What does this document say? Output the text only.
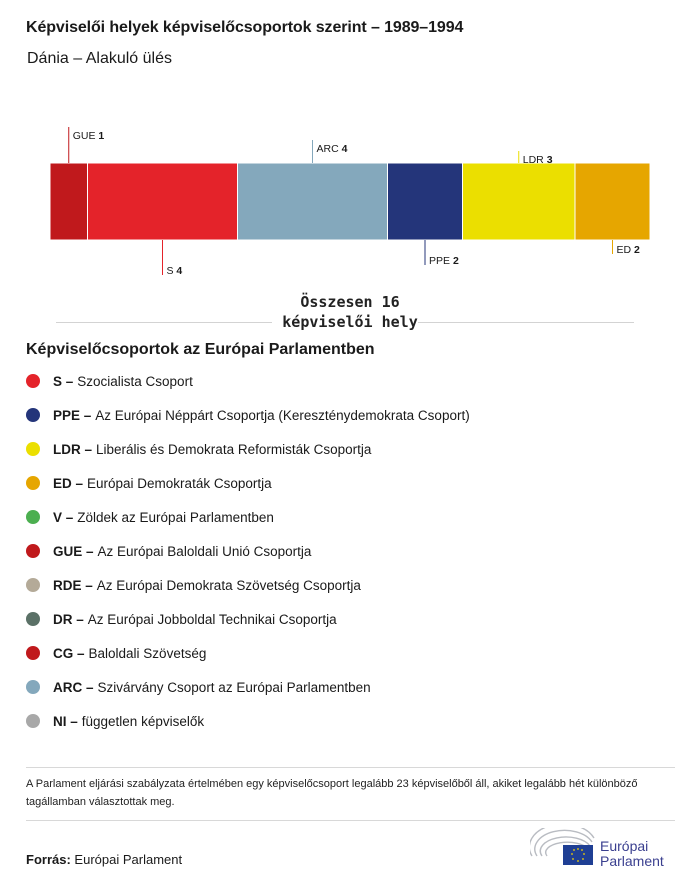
Képviselői helyek képviselőcsoportok szerint – 1989–1994
Dánia – Alakuló ülés
GUE 1
S 4
ARC 4
PPE 2
LDR 3
ED 2
Összesen 16 képviselői hely
Képviselőcsoportok az Európai Parlamentben
S – Szocialista Csoport
PPE – Az Európai Néppárt Csoportja (Kereszténydemokrata Csoport)
LDR – Liberális és Demokrata Reformisták Csoportja
ED – Európai Demokraták Csoportja
V – Zöldek az Európai Parlamentben
GUE – Az Európai Baloldali Unió Csoportja
RDE – Az Európai Demokrata Szövetség Csoportja
DR – Az Európai Jobboldal Technikai Csoportja
CG – Baloldali Szövetség
ARC – Szivárvány Csoport az Európai Parlamentben
NI – független képviselők
A Parlament eljárási szabályzata értelmében egy képviselőcsoport legalább 23 képviselőből áll, akiket legalább hét különböző tagállamban választottak meg.
Forrás: Európai Parlament
Európai
Parlament
